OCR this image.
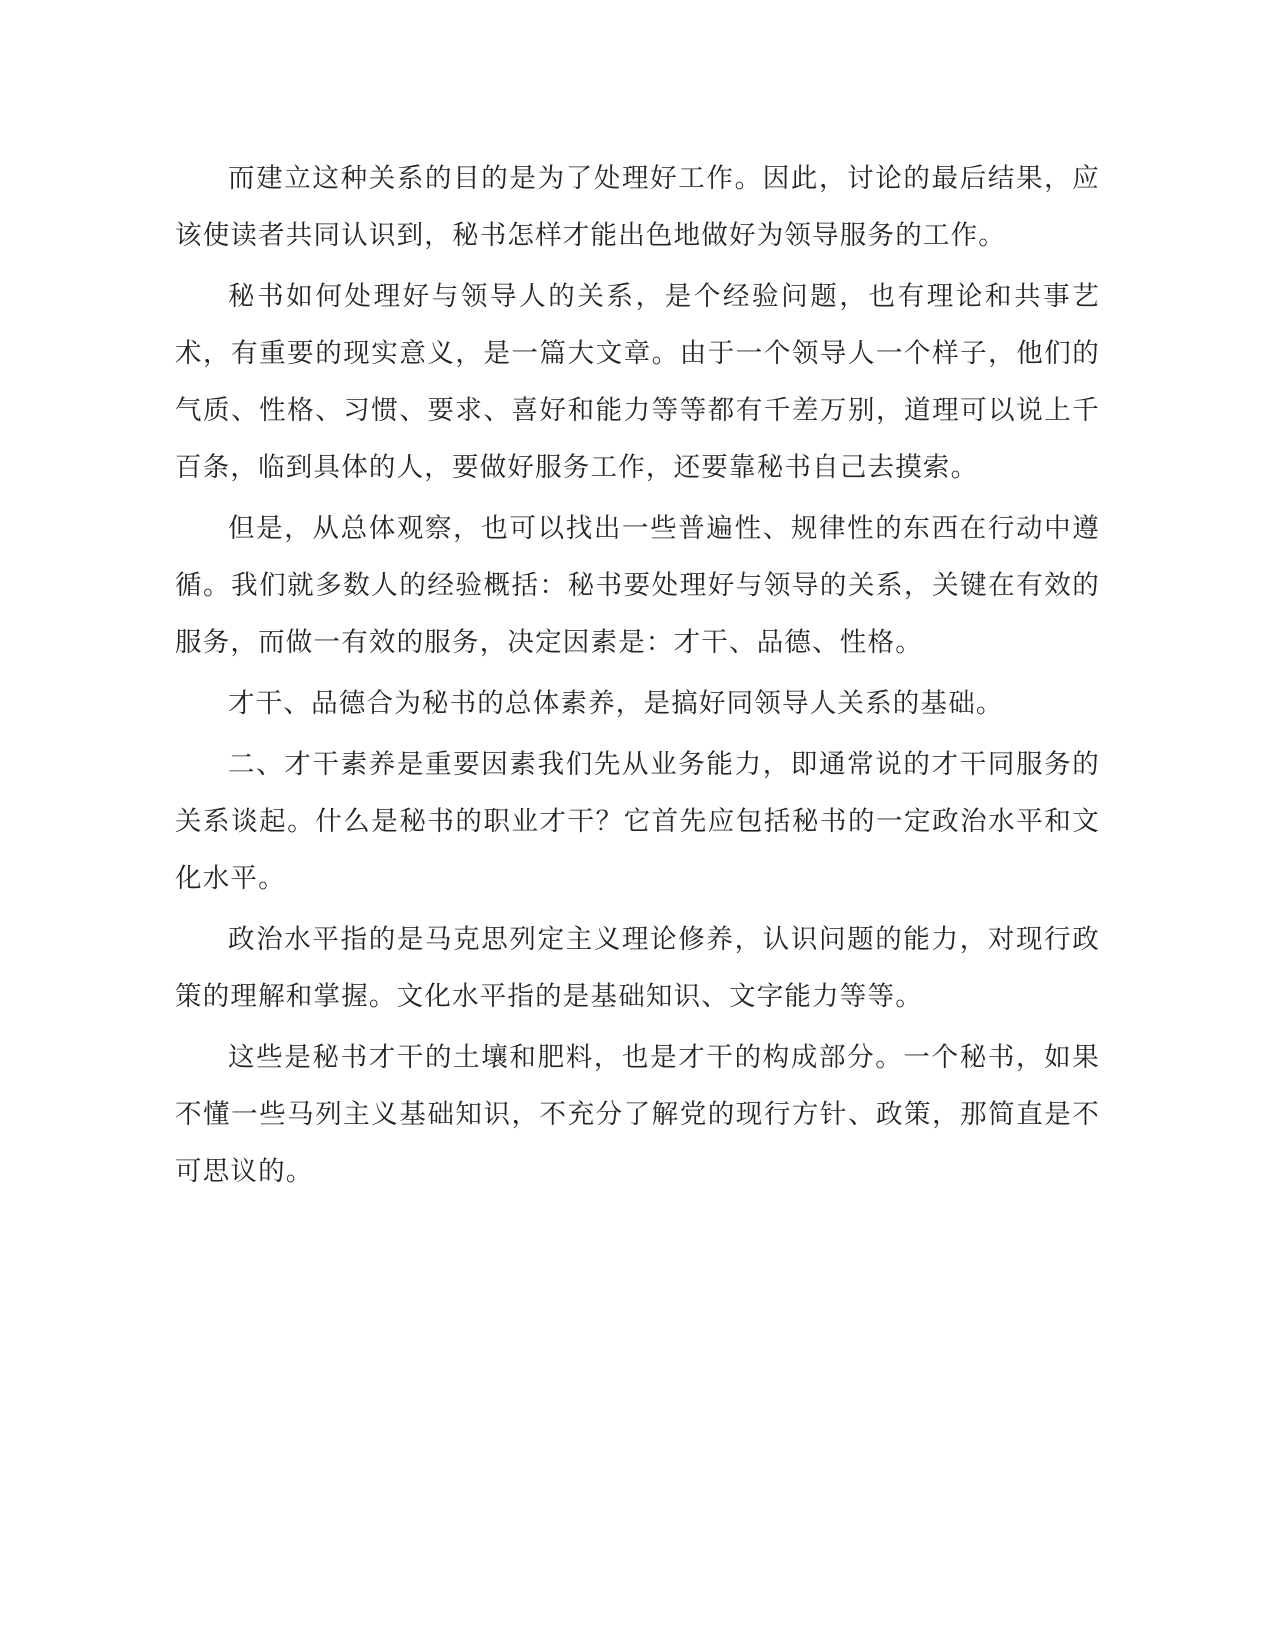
而建立这种关系的目的是为了处理好工作。因此，讨论的最后结果，应该使读者共同认识到，秘书怎样才能出色地做好为领导服务的工作。

秘书如何处理好与领导人的关系，是个经验问题，也有理论和共事艺术，有重要的现实意义，是一篇大文章。由于一个领导人一个样子，他们的气质、性格、习惯、要求、喜好和能力等等都有千差万别，道理可以说上千百条，临到具体的人，要做好服务工作，还要靠秘书自己去摸索。

但是，从总体观察，也可以找出一些普遍性、规律性的东西在行动中遵循。我们就多数人的经验概括：秘书要处理好与领导的关系，关键在有效的服务，而做一有效的服务，决定因素是：才干、品德、性格。

才干、品德合为秘书的总体素养，是搞好同领导人关系的基础。

二、才干素养是重要因素我们先从业务能力，即通常说的才干同服务的关系谈起。什么是秘书的职业才干？它首先应包括秘书的一定政治水平和文化水平。

政治水平指的是马克思列定主义理论修养，认识问题的能力，对现行政策的理解和掌握。文化水平指的是基础知识、文字能力等等。

这些是秘书才干的土壤和肥料，也是才干的构成部分。一个秘书，如果不懂一些马列主义基础知识，不充分了解党的现行方针、政策，那简直是不可思议的。
